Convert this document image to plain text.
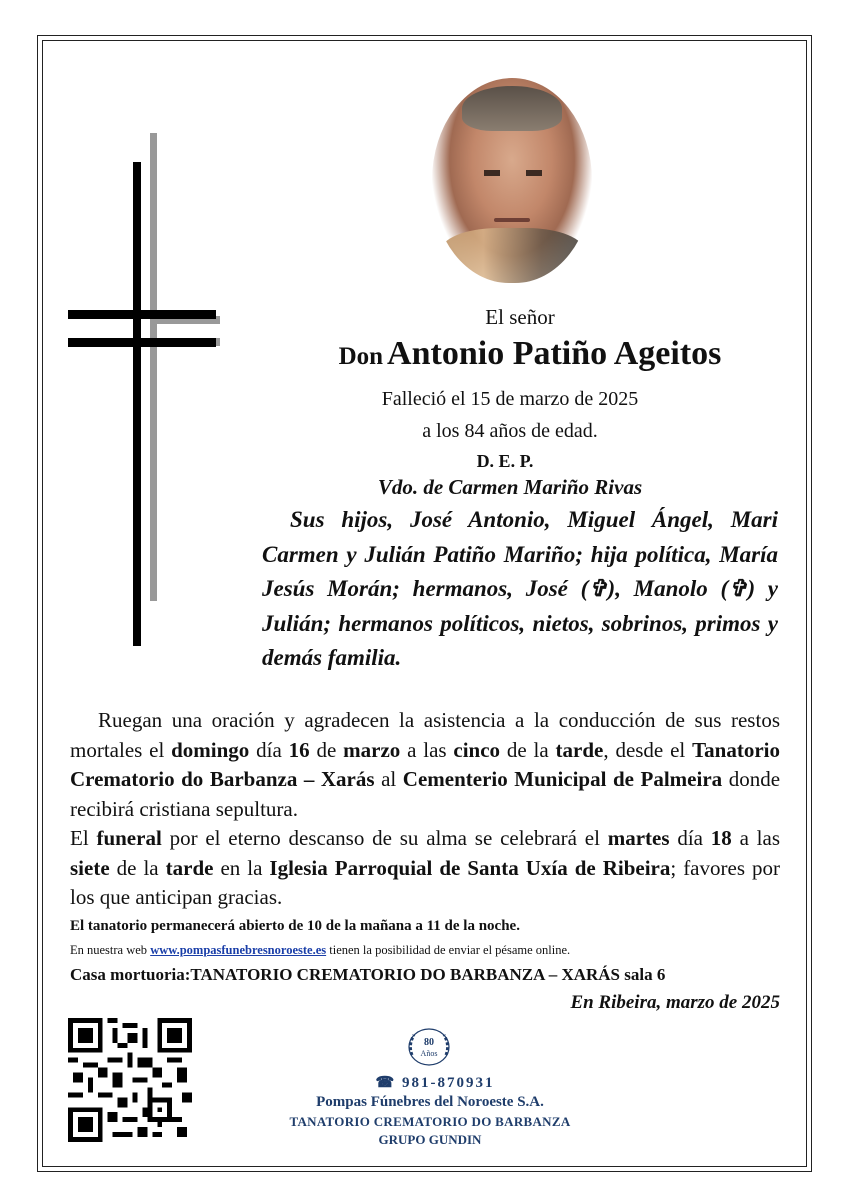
El señor
Don Antonio Patiño Ageitos
Falleció el 15 de marzo de 2025
a los 84 años de edad.
D. E. P.
Vdo. de Carmen Mariño Rivas
Sus hijos, José Antonio, Miguel Ángel, Mari Carmen y Julián Patiño Mariño; hija política, María Jesús Morán; hermanos, José (✞), Manolo (✞) y Julián; hermanos políticos, nietos, sobrinos, primos y demás familia.
Ruegan una oración y agradecen la asistencia a la conducción de sus restos mortales el domingo día 16 de marzo a las cinco de la tarde, desde el Tanatorio Crematorio do Barbanza – Xarás al Cementerio Municipal de Palmeira donde recibirá cristiana sepultura.
El funeral por el eterno descanso de su alma se celebrará el martes día 18 a las siete de la tarde en la Iglesia Parroquial de Santa Uxía de Ribeira; favores por los que anticipan gracias.
El tanatorio permanecerá abierto de 10 de la mañana a 11 de la noche.
En nuestra web www.pompasfunebresnoroeste.es tienen la posibilidad de enviar el pésame online.
Casa mortuoria:TANATORIO CREMATORIO DO BARBANZA – XARÁS sala 6
En Ribeira, marzo de 2025
80
Años
☎ 981-870931
Pompas Fúnebres del Noroeste S.A.
TANATORIO CREMATORIO DO BARBANZA
GRUPO GUNDIN
